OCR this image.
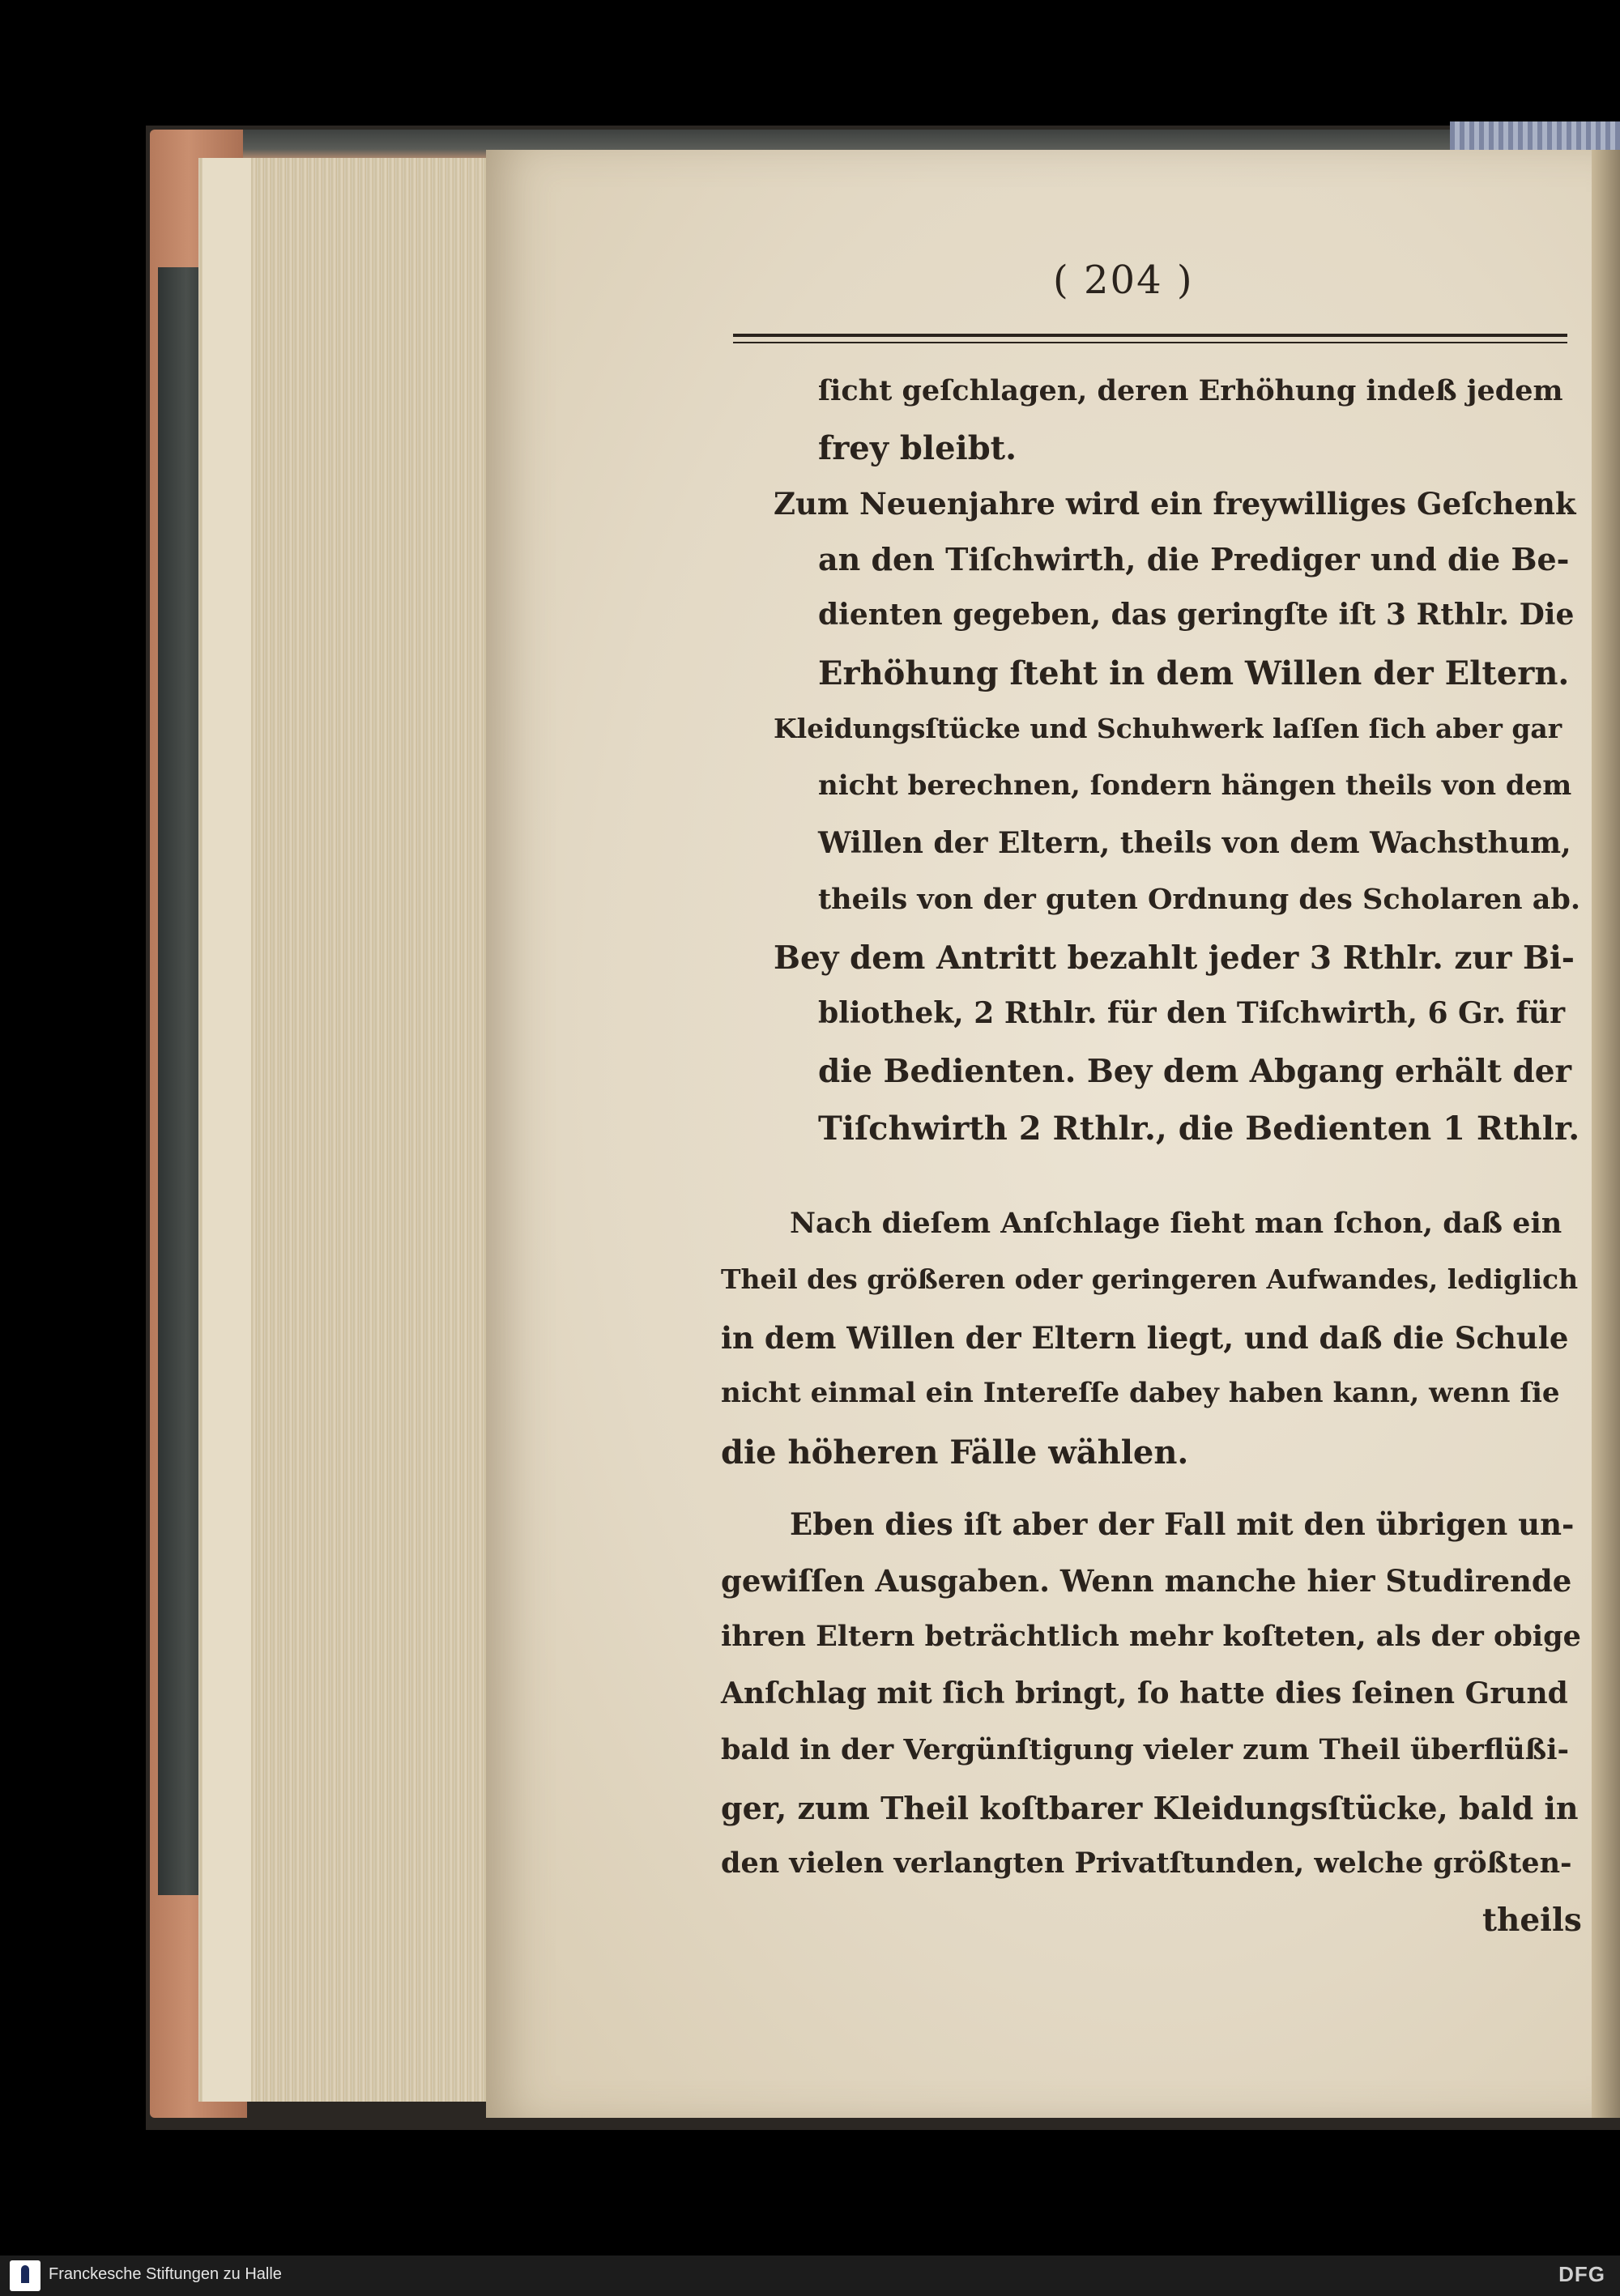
( 204 )
ſicht geſchlagen, deren Erhöhung indeß jedem
frey bleibt.
Zum Neuenjahre wird ein freywilliges Geſchenk
an den Tiſchwirth, die Prediger und die Be-
dienten gegeben, das geringſte iſt 3 Rthlr. Die
Erhöhung ſteht in dem Willen der Eltern.
Kleidungsſtücke und Schuhwerk laſſen ſich aber gar
nicht berechnen, ſondern hängen theils von dem
Willen der Eltern, theils von dem Wachsthum,
theils von der guten Ordnung des Scholaren ab.
Bey dem Antritt bezahlt jeder 3 Rthlr. zur Bi-
bliothek, 2 Rthlr. für den Tiſchwirth, 6 Gr. für
die Bedienten. Bey dem Abgang erhält der
Tiſchwirth 2 Rthlr., die Bedienten 1 Rthlr.
Nach dieſem Anſchlage ſieht man ſchon, daß ein
Theil des größeren oder geringeren Aufwandes, lediglich
in dem Willen der Eltern liegt, und daß die Schule
nicht einmal ein Intereſſe dabey haben kann, wenn ſie
die höheren Fälle wählen.
Eben dies iſt aber der Fall mit den übrigen un-
gewiſſen Ausgaben. Wenn manche hier Studirende
ihren Eltern beträchtlich mehr koſteten, als der obige
Anſchlag mit ſich bringt, ſo hatte dies ſeinen Grund
bald in der Vergünſtigung vieler zum Theil überflüßi-
ger, zum Theil koſtbarer Kleidungsſtücke, bald in
den vielen verlangten Privatſtunden, welche größten-
theils
Franckesche Stiftungen zu Halle	DFG
